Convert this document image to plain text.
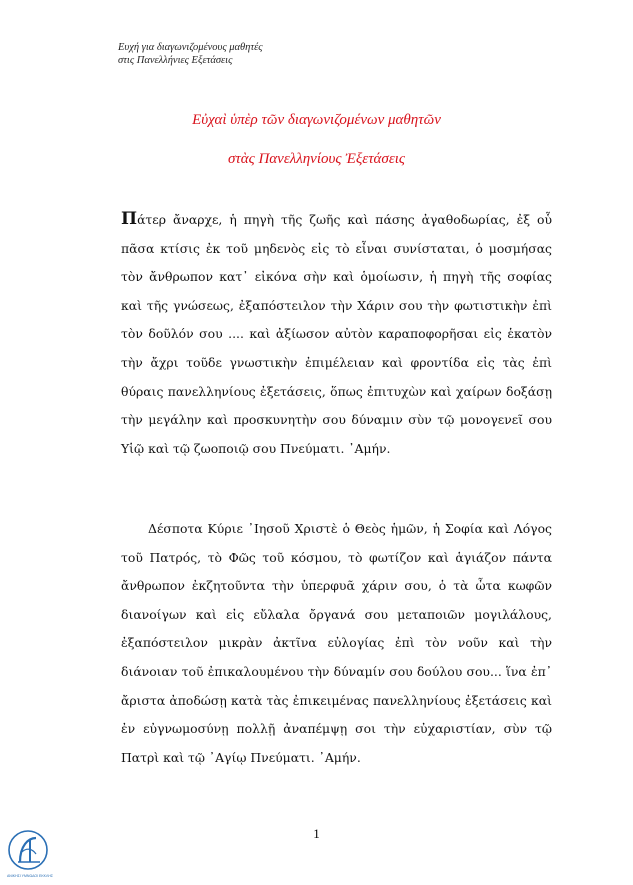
Ευχή για διαγωνιζομένους μαθητές
στις Πανελλήνιες Εξετάσεις
Εὐχαὶ ὑπὲρ τῶν διαγωνιζομένων μαθητῶν
στὰς Πανελληνίους Ἐξετάσεις

Πάτερ ἄναρχε, ἡ πηγὴ τῆς ζωῆς καὶ πάσης ἀγαθοδωρίας, ἐξ οὗ πᾶσα κτίσις ἐκ τοῦ μηδενὸς εἰς τὸ εἶναι συνίσταται, ὁ μοσμήσας τὸν ἄνθρωπον κατ᾽ εἰκόνα σὴν καὶ ὁμοίωσιν, ἡ πηγὴ τῆς σοφίας καὶ τῆς γνώσεως, ἐξαπόστειλον τὴν Χάριν σου τὴν φωτιστικὴν ἐπὶ τὸν δοῦλόν σου .... καὶ ἀξίωσον αὐτὸν καραποφορῆσαι εἰς ἑκατὸν τὴν ἄχρι τοῦδε γνωστικὴν ἐπιμέλειαν καὶ φροντίδα εἰς τὰς ἐπὶ θύραις πανελληνίους ἐξετάσεις, ὅπως ἐπιτυχὼν καὶ χαίρων δοξάσῃ τὴν μεγάλην καὶ προσκυνητὴν σου δύναμιν σὺν τῷ μονογενεῖ σου Υἱῷ καὶ τῷ ζωοποιῷ σου Πνεύματι. ᾿Αμήν.

Δέσποτα Κύριε ᾿Ιησοῦ Χριστὲ ὁ Θεὸς ἡμῶν, ἡ Σοφία καὶ Λόγος τοῦ Πατρός, τὸ Φῶς τοῦ κόσμου, τὸ φωτίζον καὶ ἁγιάζον πάντα ἄνθρωπον ἐκζητοῦντα τὴν ὑπερφυᾶ χάριν σου, ὁ τὰ ὦτα κωφῶν διανοίγων καὶ εἰς εὔλαλα ὄργανά σου μεταποιῶν μογιλάλους, ἐξαπόστειλον μικρὰν ἀκτῖνα εὐλογίας ἐπὶ τὸν νοῦν καὶ τὴν διάνοιαν τοῦ ἐπικαλουμένου τὴν δύναμίν σου δούλου σου... ἵνα ἐπ᾽ ἄριστα ἀποδώσῃ κατὰ τὰς ἐπικειμένας πανελληνίους ἐξετάσεις καὶ ἐν εὐγνωμοσύνῃ πολλῇ ἀναπέμψῃ σοι τὴν εὐχαριστίαν, σὺν τῷ Πατρὶ καὶ τῷ ᾿Αγίῳ Πνεύματι. ᾿Αμήν.

1
ΑΝΙΚΗΣΙ ΥΜΝΩΔΟΙ ΕΚΚΛΗΣ
